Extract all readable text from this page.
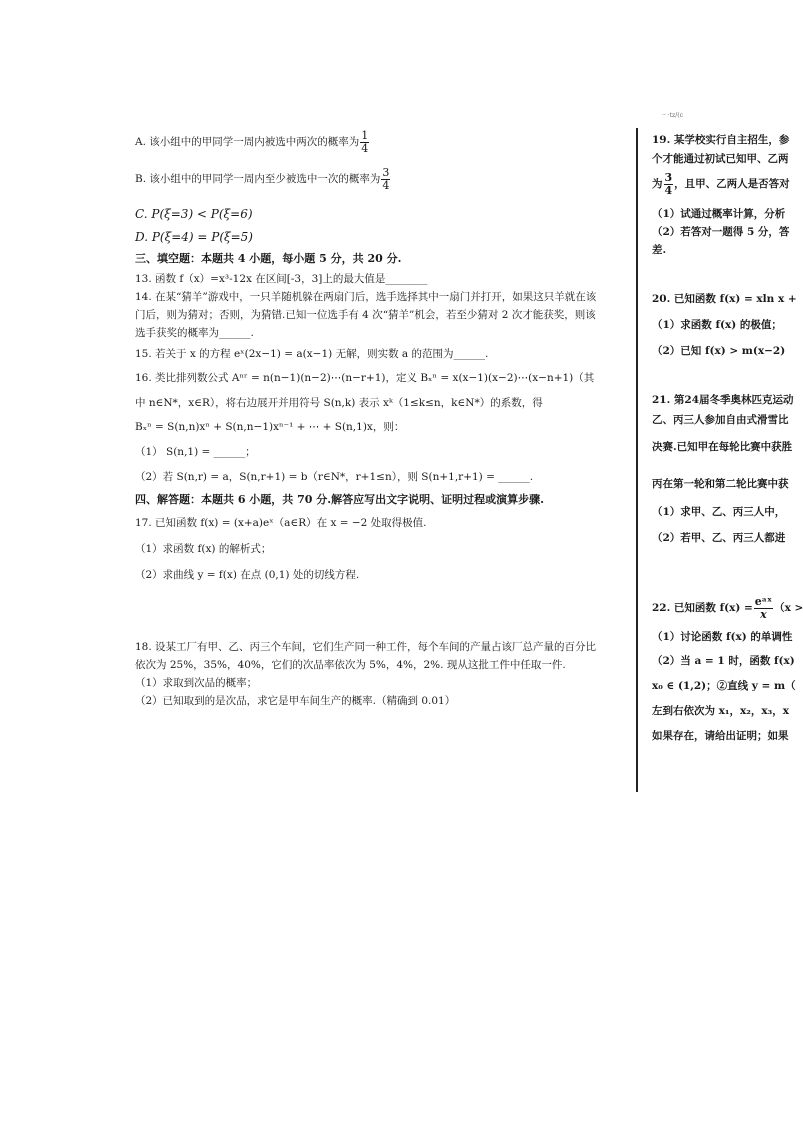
A. 该小组中的甲同学一周内被选中两次的概率为 $\frac{1}{4}$
B. 该小组中的甲同学一周内至少被选中一次的概率为 $\frac{3}{4}$
C. P(ξ=3) < P(ξ=6)
D. P(ξ=4) = P(ξ=5)
三、填空题：本题共 4 小题，每小题 5 分，共 20 分.
13. 函数 f（x）=x³-12x 在区间[-3，3]上的最大值是________
14. 在某“猜羊”游戏中，一只羊随机躲在两扇门后，选手选择其中一扇门并打开，如果这只羊就在该
门后，则为猜对；否则，为猜错.已知一位选手有 4 次“猜羊”机会，若至少猜对 2 次才能获奖，则该
选手获奖的概率为______.
15. 若关于 x 的方程 eˣ(2x−1) = a(x−1) 无解，则实数 a 的范围为______.
16. 类比排列数公式 Aⁿʳ = n(n−1)(n−2)⋯(n−r+1)，定义 Bₓⁿ = x(x−1)(x−2)⋯(x−n+1)（其
中 n∈N*，x∈R），将右边展开并用符号 S(n,k) 表示 xᵏ（1≤k≤n，k∈N*）的系数，得
Bₓⁿ = S(n,n)xⁿ + S(n,n−1)xⁿ⁻¹ + ⋯ + S(n,1)x，则：
（1） S(n,1) = ______；
（2）若 S(n,r) = a，S(n,r+1) = b（r∈N*，r+1≤n），则 S(n+1,r+1) = ______.
四、解答题：本题共 6 小题，共 70 分.解答应写出文字说明、证明过程或演算步骤.
17. 已知函数 f(x) = (x+a)eˣ（a∈R）在 x = −2 处取得极值.
（1）求函数 f(x) 的解析式；
（2）求曲线 y = f(x) 在点 (0,1) 处的切线方程.
18. 设某工厂有甲、乙、丙三个车间，它们生产同一种工件，每个车间的产量占该厂总产量的百分比
依次为 25%，35%，40%，它们的次品率依次为 5%，4%，2%. 现从这批工件中任取一件.
（1）求取到次品的概率；
（2）已知取到的是次品，求它是甲车间生产的概率.（精确到 0.01）
·· ·tz/(c
19. 某学校实行自主招生，参
个才能通过初试已知甲、乙两
为 $\frac{3}{4}$ ，且甲、乙两人是否答对
（1）试通过概率计算，分析
（2）若答对一题得 5 分，答
差.
20. 已知函数 f(x) = xln x +
（1）求函数 f(x) 的极值；
（2）已知 f(x) > m(x−2)
21. 第24届冬季奥林匹克运动
乙、丙三人参加自由式滑雪比
决赛.已知甲在每轮比赛中获胜
丙在第一轮和第二轮比赛中获
（1）求甲、乙、丙三人中，
（2）若甲、乙、丙三人都进
22. 已知函数 $f(x) = \frac{\text{eᵃˣ}}{x} (x$ >
（1）讨论函数 f(x) 的单调性
（2）当 a = 1 时，函数 f(x)
x₀ ∈ (1,2)；②直线 y = m（
左到右依次为 x₁，x₂，x₃，x
如果存在，请给出证明；如果
